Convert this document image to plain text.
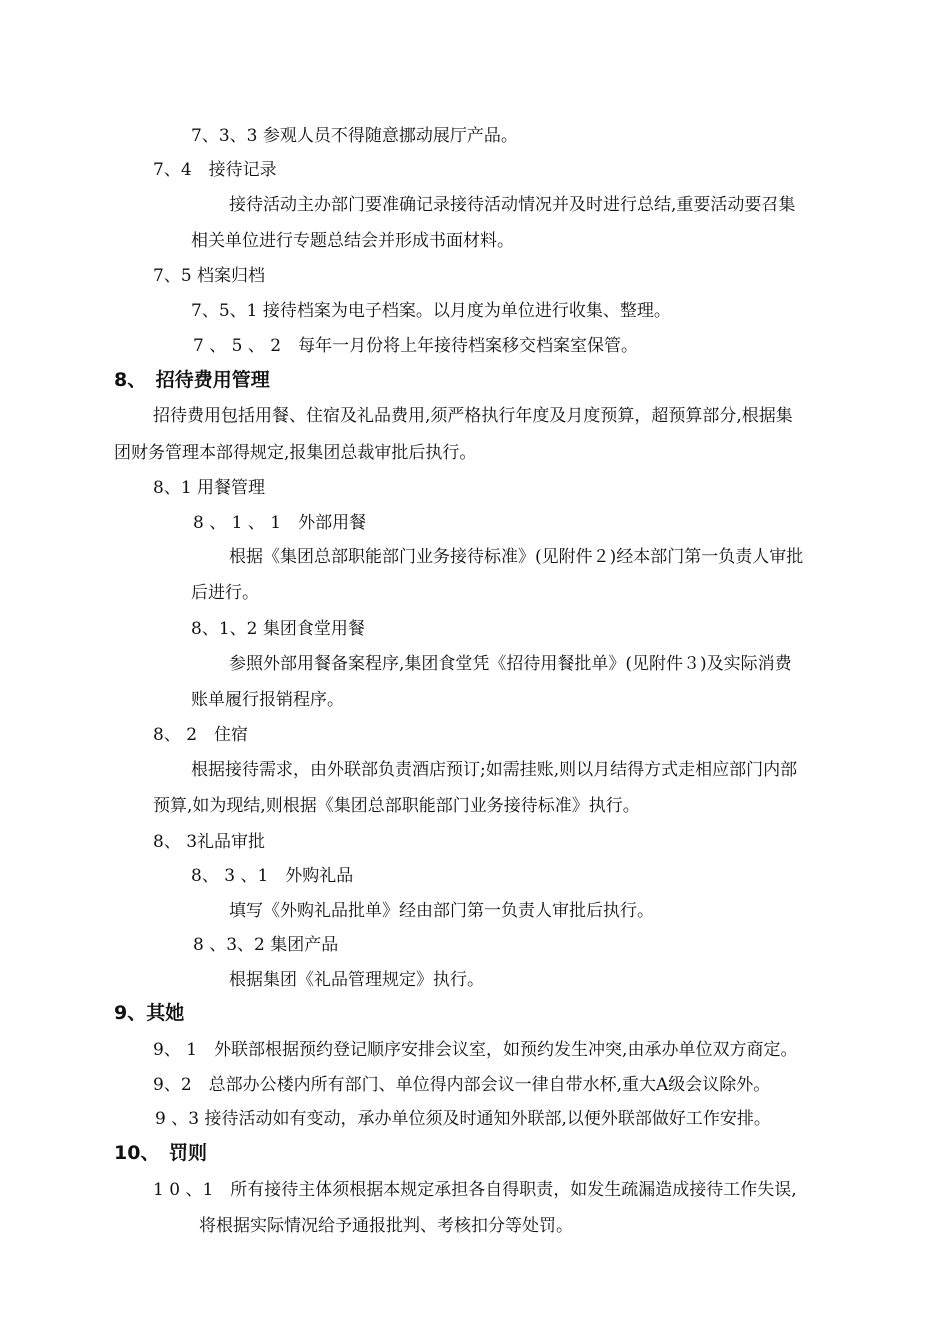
7、3、3 参观人员不得随意挪动展厅产品。
7、4　接待记录
接待活动主办部门要准确记录接待活动情况并及时进行总结,重要活动要召集
相关单位进行专题总结会并形成书面材料。
7、5 档案归档
7、5、1 接待档案为电子档案。以月度为单位进行收集、整理。
7 、 5 、 2　每年一月份将上年接待档案移交档案室保管。
8、　招待费用管理
招待费用包括用餐、住宿及礼品费用,须严格执行年度及月度预算，超预算部分,根据集
团财务管理本部得规定,报集团总裁审批后执行。
8、1 用餐管理
8 、 1 、 1　外部用餐
根据《集团总部职能部门业务接待标准》(见附件２)经本部门第一负责人审批
后进行。
8、1、2 集团食堂用餐
参照外部用餐备案程序,集团食堂凭《招待用餐批单》(见附件３)及实际消费
账单履行报销程序。
8、 2　住宿
根据接待需求，由外联部负责酒店预订;如需挂账,则以月结得方式走相应部门内部
预算,如为现结,则根据《集团总部职能部门业务接待标准》执行。
8、 3礼品审批
8、 3 、1　外购礼品
填写《外购礼品批单》经由部门第一负责人审批后执行。
8 、3、2 集团产品
根据集团《礼品管理规定》执行。
9、其她
9、 1　外联部根据预约登记顺序安排会议室，如预约发生冲突,由承办单位双方商定。
9、2　总部办公楼内所有部门、单位得内部会议一律自带水杯,重大A级会议除外。
9 、3 接待活动如有变动，承办单位须及时通知外联部,以便外联部做好工作安排。
10、　罚则
1 0 、1　所有接待主体须根据本规定承担各自得职责，如发生疏漏造成接待工作失误,
将根据实际情况给予通报批判、考核扣分等处罚。
